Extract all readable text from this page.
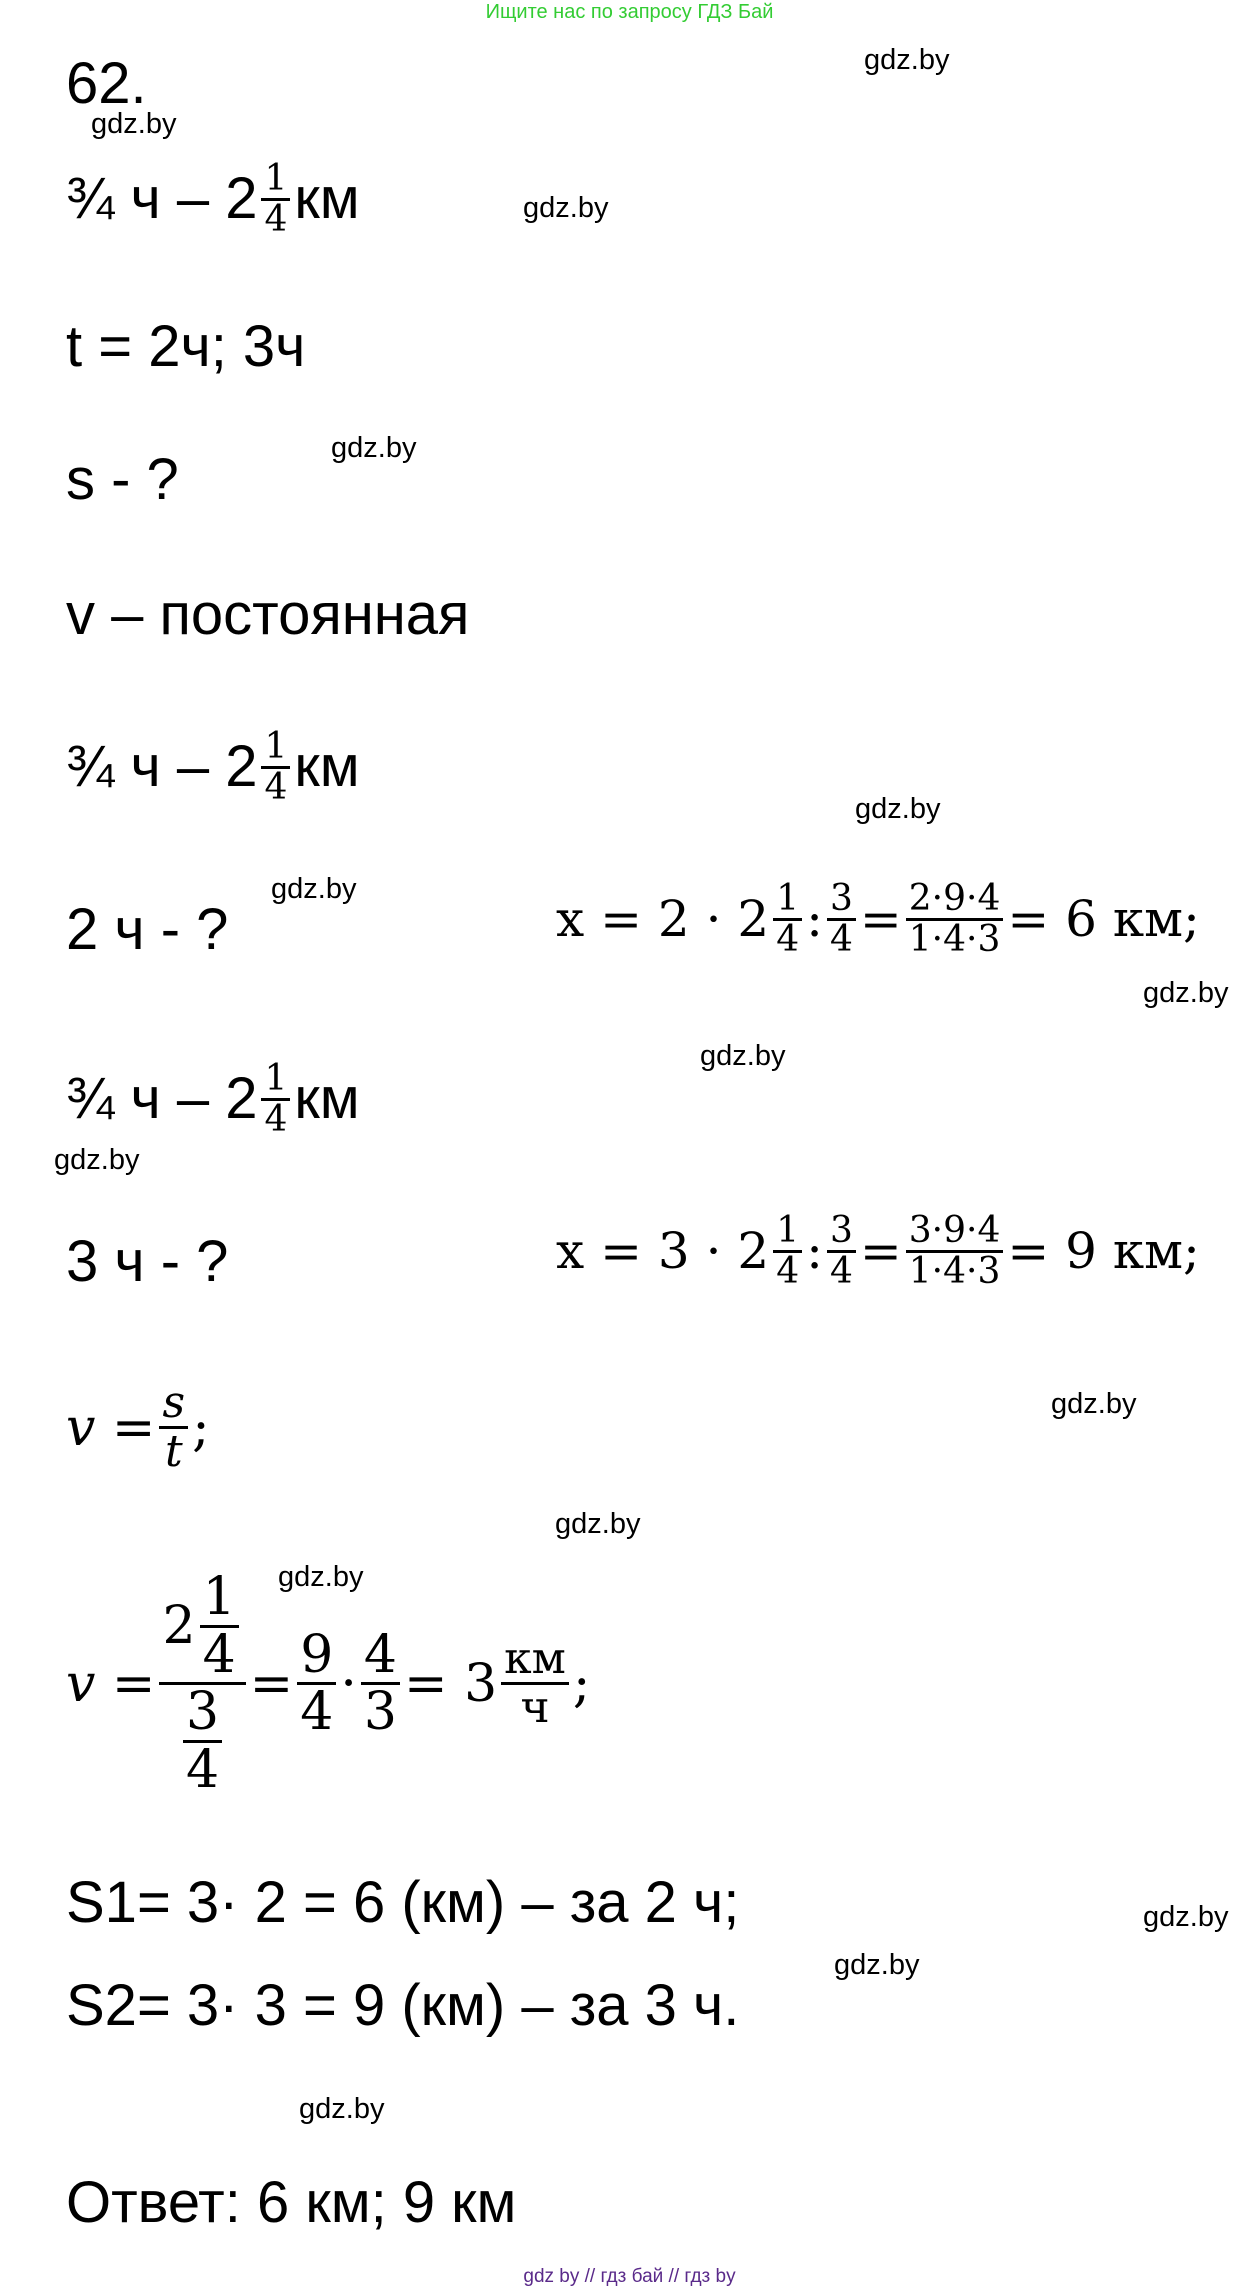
Ищите нас по запросу ГДЗ Бай
gdz.by
gdz.by
gdz.by
gdz.by
gdz.by
gdz.by
gdz.by
gdz.by
gdz.by
gdz.by
gdz.by
gdz.by
gdz.by
gdz.by
gdz.by
62.
¾ ч – $2 \frac{1}{4}$ км
t = 2ч; 3ч
s - ?
v – постоянная
¾ ч – $2 \frac{1}{4}$ км
2 ч - ?	$x = 2 \cdot 2 \frac{1}{4}$ : $\frac{3}{4} = \frac{2\cdot 9\cdot 4}{1\cdot 4\cdot 3} = 6$ км;
¾ ч – $2 \frac{1}{4}$ км
3 ч - ?	$x = 3 \cdot 2 \frac{1}{4}$ : $\frac{3}{4} = \frac{3\cdot 9\cdot 4}{1\cdot 4\cdot 3} = 9$ км;
$v = \frac{s}{t}$ ;
$v = \frac{2 \frac{1}{4}}{\frac{3}{4}} = \frac{9}{4} \cdot \frac{4}{3} = 3 \frac{км}{ч}$ ;
S1= 3· 2 = 6 (км) – за 2 ч;
S2= 3· 3 = 9 (км) – за 3 ч.
Ответ: 6 км; 9 км
gdz by // гдз бай // гдз by
